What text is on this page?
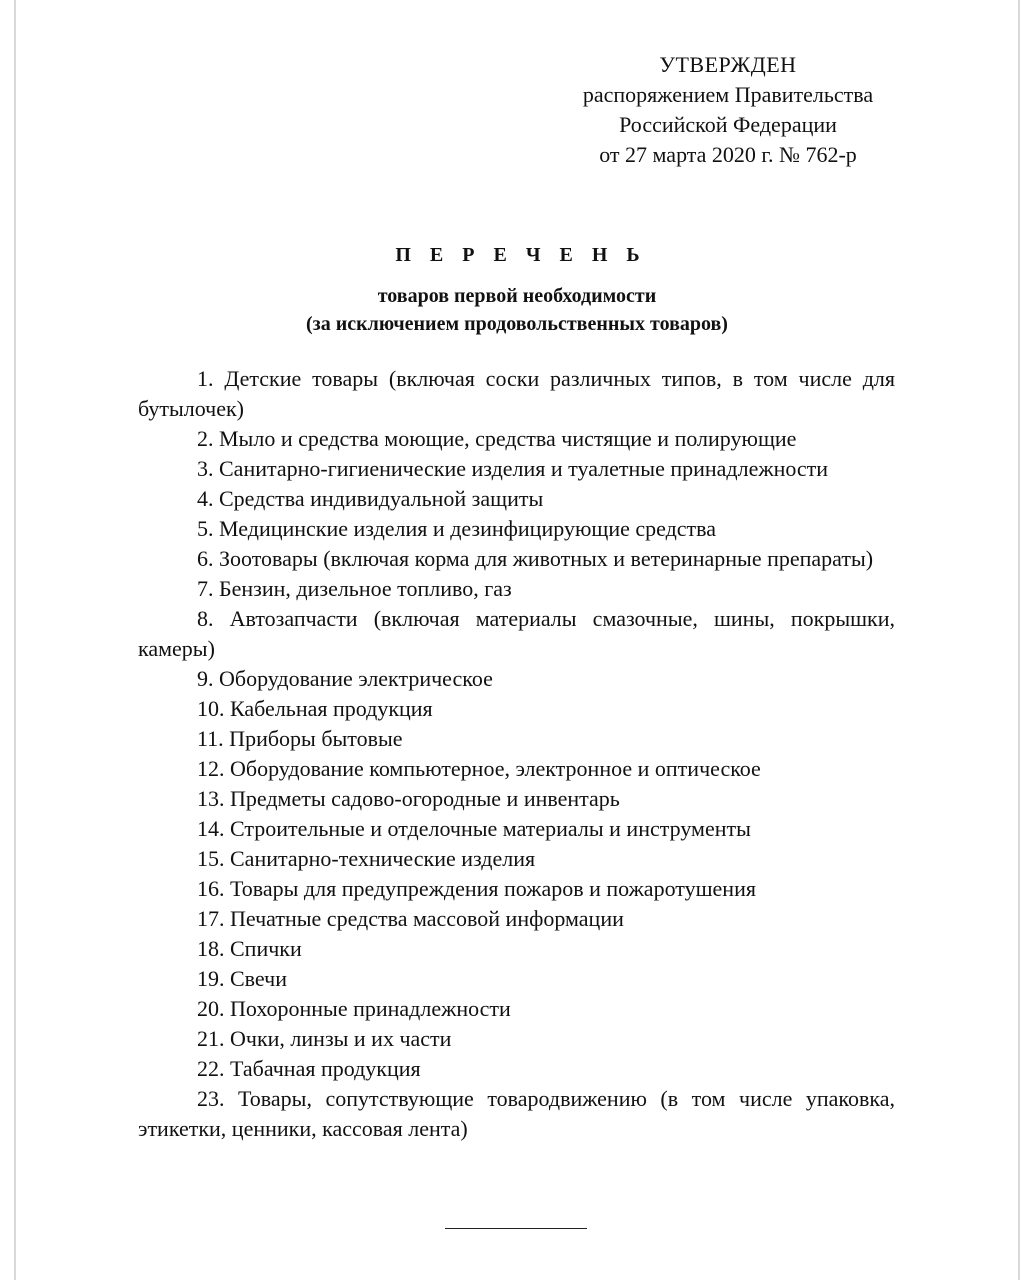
УТВЕРЖДЕН
распоряжением Правительства
Российской Федерации
от 27 марта 2020 г. № 762-р
П Е Р Е Ч Е Н Ь
товаров первой необходимости
(за исключением продовольственных товаров)
1. Детские товары (включая соски различных типов, в том числе для бутылочек)
2. Мыло и средства моющие, средства чистящие и полирующие
3. Санитарно-гигиенические изделия и туалетные принадлежности
4. Средства индивидуальной защиты
5. Медицинские изделия и дезинфицирующие средства
6. Зоотовары (включая корма для животных и ветеринарные препараты)
7. Бензин, дизельное топливо, газ
8. Автозапчасти (включая материалы смазочные, шины, покрышки, камеры)
9. Оборудование электрическое
10. Кабельная продукция
11. Приборы бытовые
12. Оборудование компьютерное, электронное и оптическое
13. Предметы садово-огородные и инвентарь
14. Строительные и отделочные материалы и инструменты
15. Санитарно-технические изделия
16. Товары для предупреждения пожаров и пожаротушения
17. Печатные средства массовой информации
18. Спички
19. Свечи
20. Похоронные принадлежности
21. Очки, линзы и их части
22. Табачная продукция
23. Товары, сопутствующие товародвижению (в том числе упаковка, этикетки, ценники, кассовая лента)
